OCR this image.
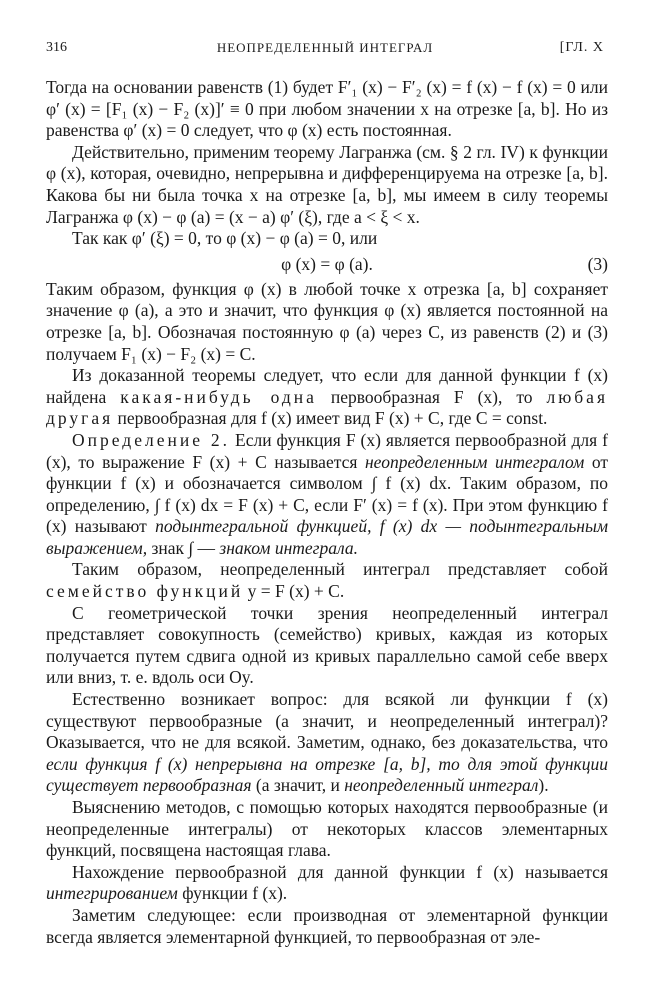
316	НЕОПРЕДЕЛЕННЫЙ ИНТЕГРАЛ	[ГЛ. X

Тогда на основании равенств (1) будет F′₁ (x) − F′₂ (x) = f (x) − f (x) = 0 или φ′ (x) = [F₁ (x) − F₂ (x)]′ ≡ 0 при любом значении x на отрезке [a, b]. Но из равенства φ′ (x) = 0 следует, что φ (x) есть постоянная.

Действительно, применим теорему Лагранжа (см. § 2 гл. IV) к функции φ (x), которая, очевидно, непрерывна и дифференцируема на отрезке [a, b]. Какова бы ни была точка x на отрезке [a, b], мы имеем в силу теоремы Лагранжа φ (x) − φ (a) = (x − a) φ′ (ξ), где a < ξ < x.

Так как φ′ (ξ) = 0, то φ (x) − φ (a) = 0, или

φ (x) = φ (a).	(3)

Таким образом, функция φ (x) в любой точке x отрезка [a, b] сохраняет значение φ (a), а это и значит, что функция φ (x) является постоянной на отрезке [a, b]. Обозначая постоянную φ (a) через C, из равенств (2) и (3) получаем F₁ (x) − F₂ (x) = C.

Из доказанной теоремы следует, что если для данной функции f (x) найдена какая-нибудь одна первообразная F (x), то любая другая первообразная для f (x) имеет вид F (x) + C, где C = const.

Определение 2. Если функция F (x) является первообразной для f (x), то выражение F (x) + C называется неопределенным интегралом от функции f (x) и обозначается символом ∫ f (x) dx. Таким образом, по определению, ∫ f (x) dx = F (x) + C, если F′ (x) = f (x). При этом функцию f (x) называют подынтегральной функцией, f (x) dx — подынтегральным выражением, знак ∫ — знаком интеграла.

Таким образом, неопределенный интеграл представляет собой семейство функций y = F (x) + C.

С геометрической точки зрения неопределенный интеграл представляет совокупность (семейство) кривых, каждая из которых получается путем сдвига одной из кривых параллельно самой себе вверх или вниз, т. е. вдоль оси Oy.

Естественно возникает вопрос: для всякой ли функции f (x) существуют первообразные (а значит, и неопределенный интеграл)? Оказывается, что не для всякой. Заметим, однако, без доказательства, что если функция f (x) непрерывна на отрезке [a, b], то для этой функции существует первообразная (а значит, и неопределенный интеграл).

Выяснению методов, с помощью которых находятся первообразные (и неопределенные интегралы) от некоторых классов элементарных функций, посвящена настоящая глава.

Нахождение первообразной для данной функции f (x) называется интегрированием функции f (x).

Заметим следующее: если производная от элементарной функции всегда является элементарной функцией, то первообразная от эле-
